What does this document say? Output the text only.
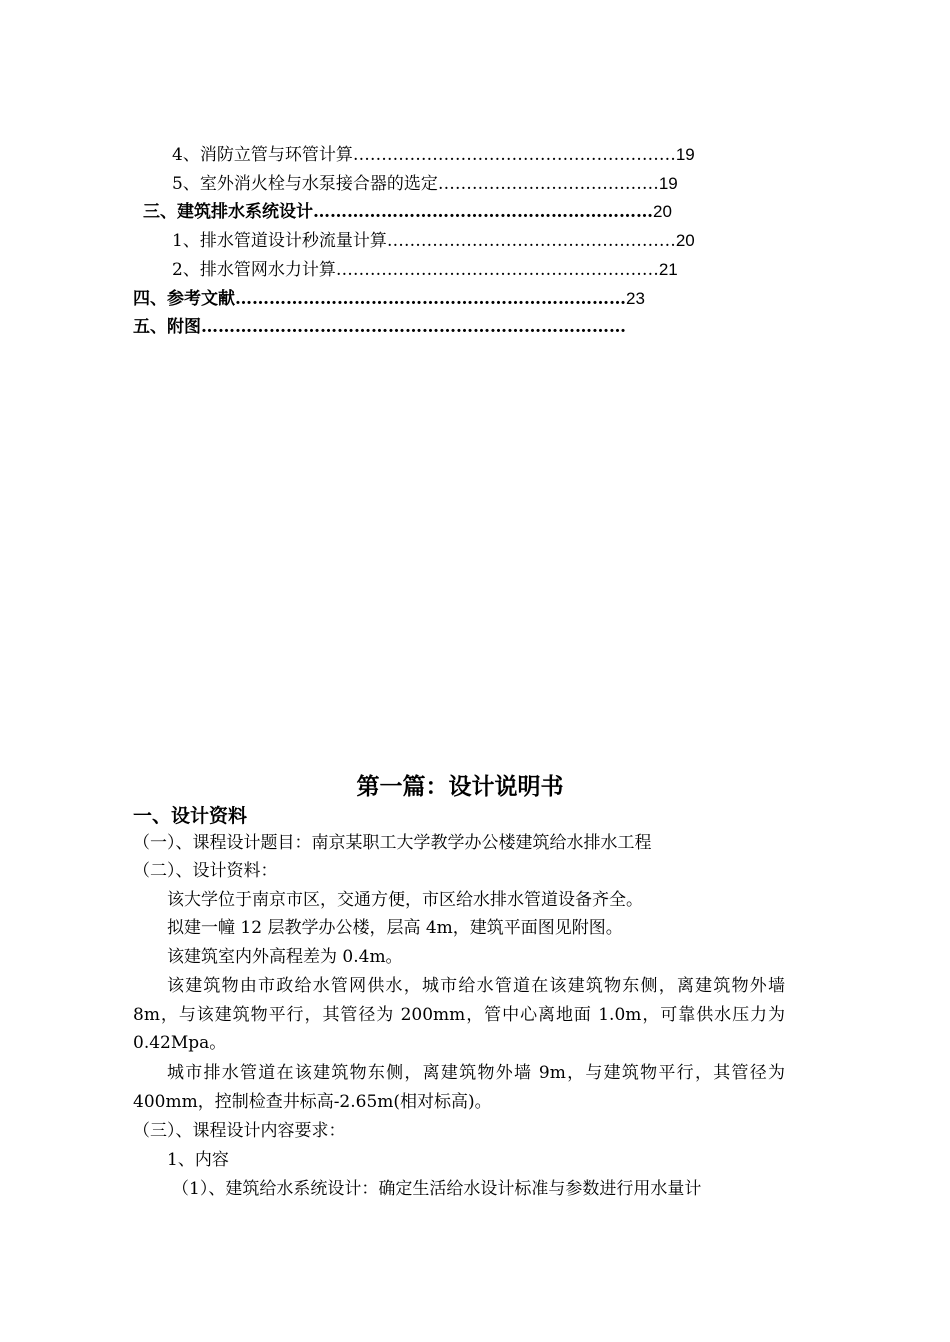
4、消防立管与环管计算…………………………………………………19
5、室外消火栓与水泵接合器的选定…………………………………19
三、建筑排水系统设计……………………………………………………20
1、排水管道设计秒流量计算……………………………………………20
2、排水管网水力计算…………………………………………………21
四、参考文献……………………………………………………………23
五、附图…………………………………………………………………
第一篇：设计说明书
一、设计资料
（一）、课程设计题目：南京某职工大学教学办公楼建筑给水排水工程
（二）、设计资料：
该大学位于南京市区，交通方便，市区给水排水管道设备齐全。
拟建一幢 12 层教学办公楼，层高 4m，建筑平面图见附图。
该建筑室内外高程差为 0.4m。
该建筑物由市政给水管网供水，城市给水管道在该建筑物东侧，离建筑物外墙 8m，与该建筑物平行，其管径为 200mm，管中心离地面 1.0m，可靠供水压力为 0.42Mpa。
城市排水管道在该建筑物东侧，离建筑物外墙 9m，与建筑物平行，其管径为 400mm，控制检查井标高-2.65m(相对标高)。
（三）、课程设计内容要求：
1、内容
（1）、建筑给水系统设计：确定生活给水设计标准与参数进行用水量计
